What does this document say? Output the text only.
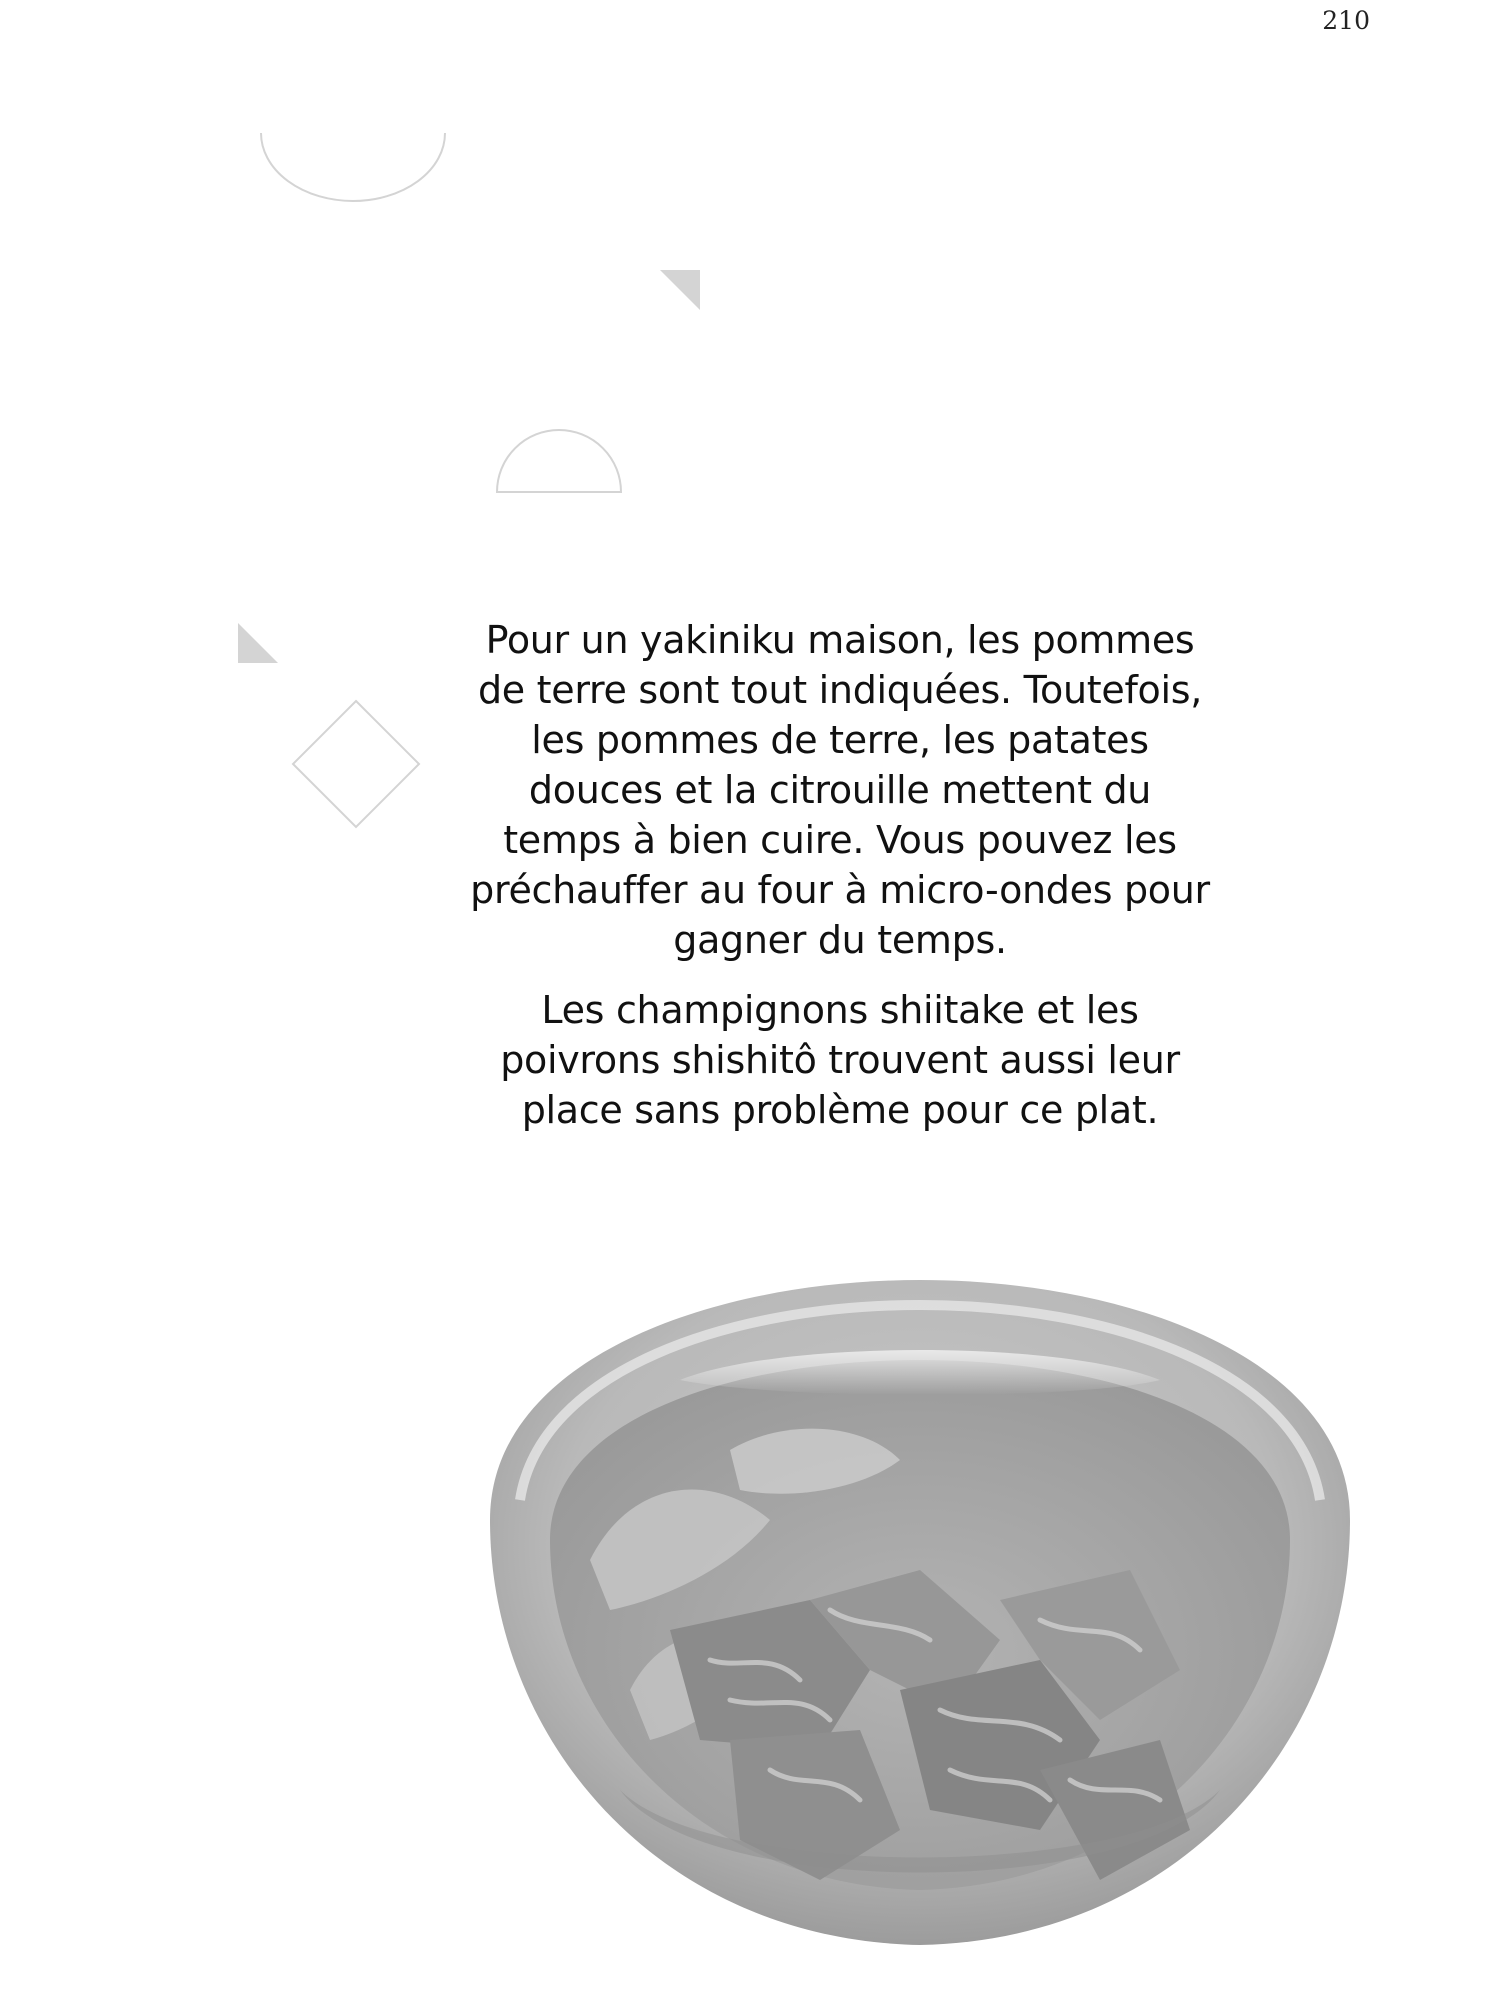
210

Pour un yakiniku maison, les pommes de terre sont tout indiquées. Toutefois, les pommes de terre, les patates douces et la citrouille mettent du temps à bien cuire. Vous pouvez les préchauffer au four à micro-ondes pour gagner du temps.

Les champignons shiitake et les poivrons shishitô trouvent aussi leur place sans problème pour ce plat.
